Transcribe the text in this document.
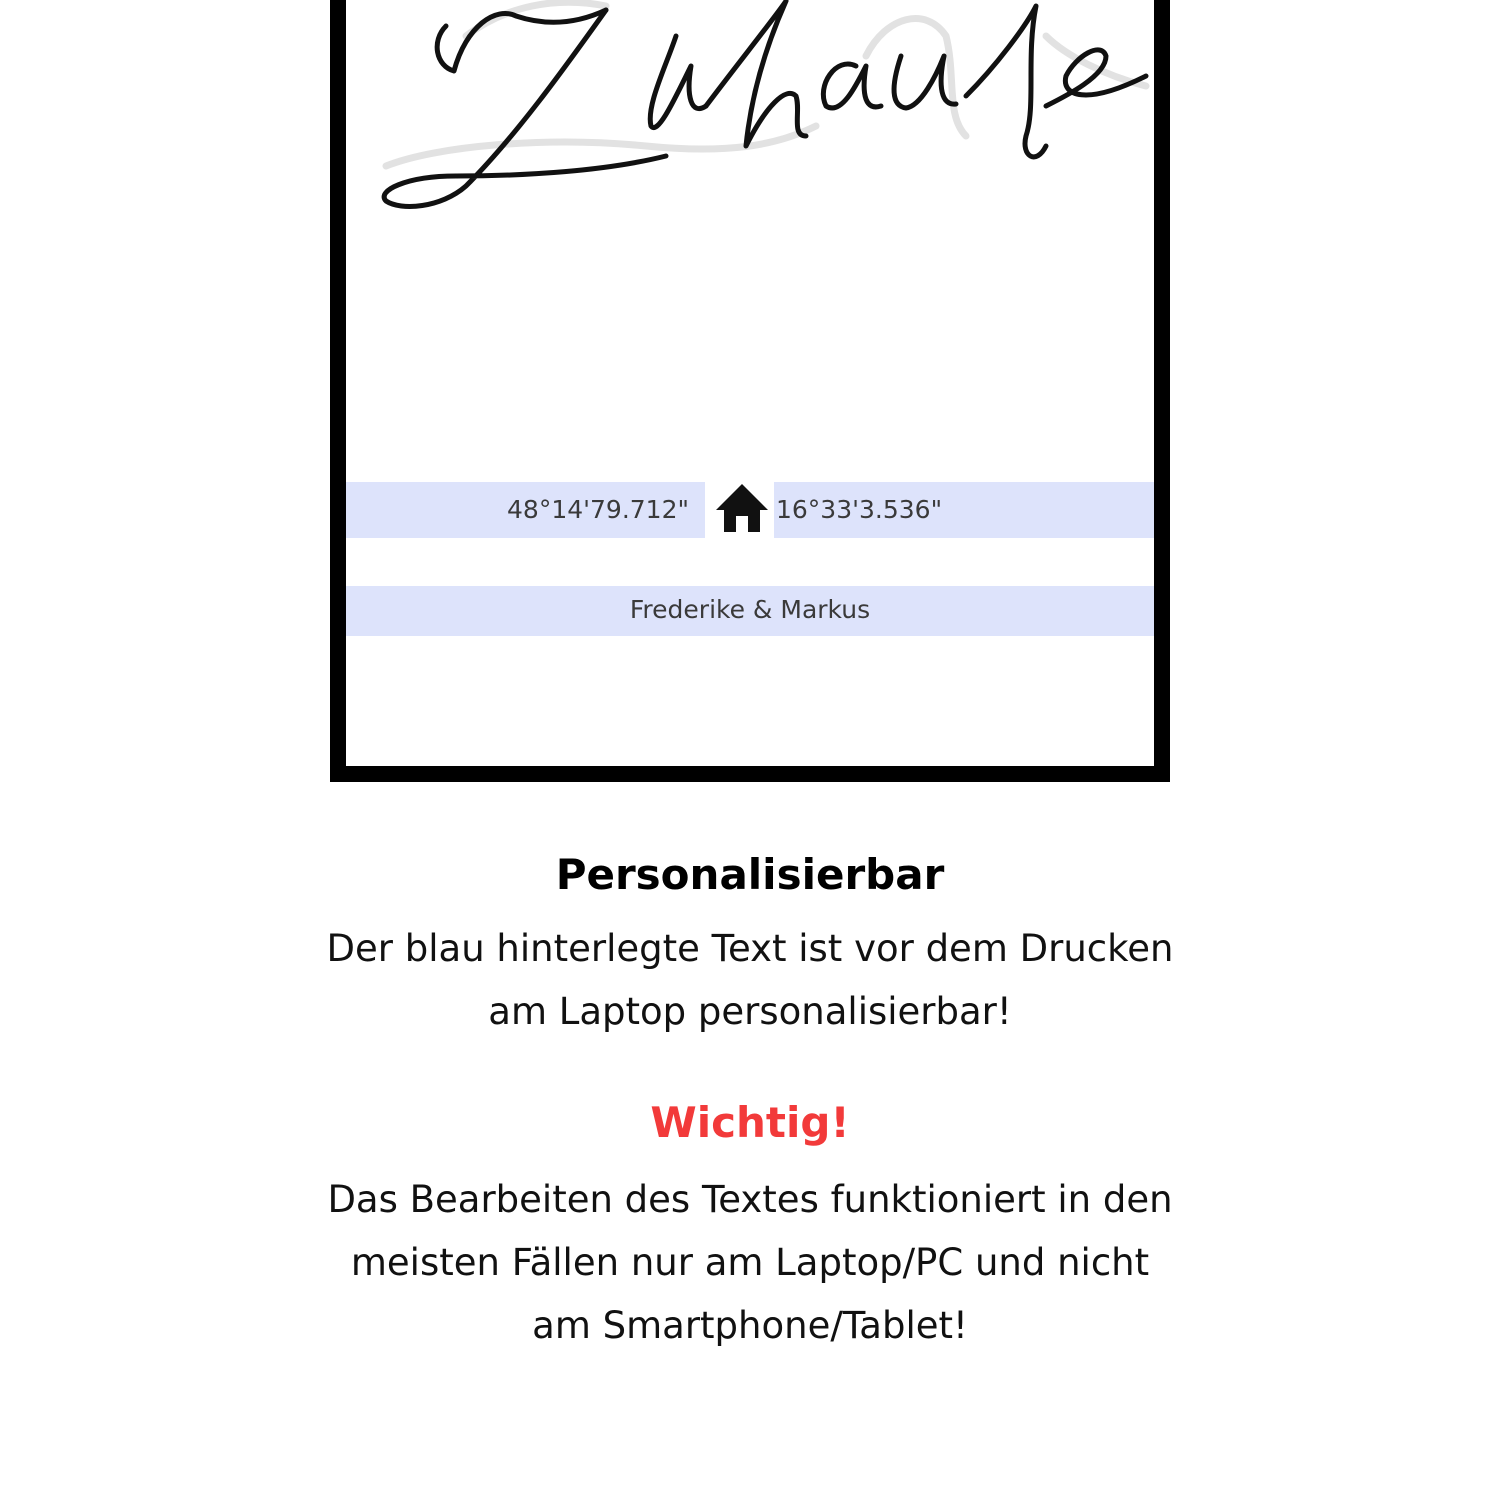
48°14'79.712"	16°33'3.536"
Frederike & Markus
Personalisierbar
Der blau hinterlegte Text ist vor dem Drucken
am Laptop personalisierbar!
Wichtig!
Das Bearbeiten des Textes funktioniert in den
meisten Fällen nur am Laptop/PC und nicht
am Smartphone/Tablet!
